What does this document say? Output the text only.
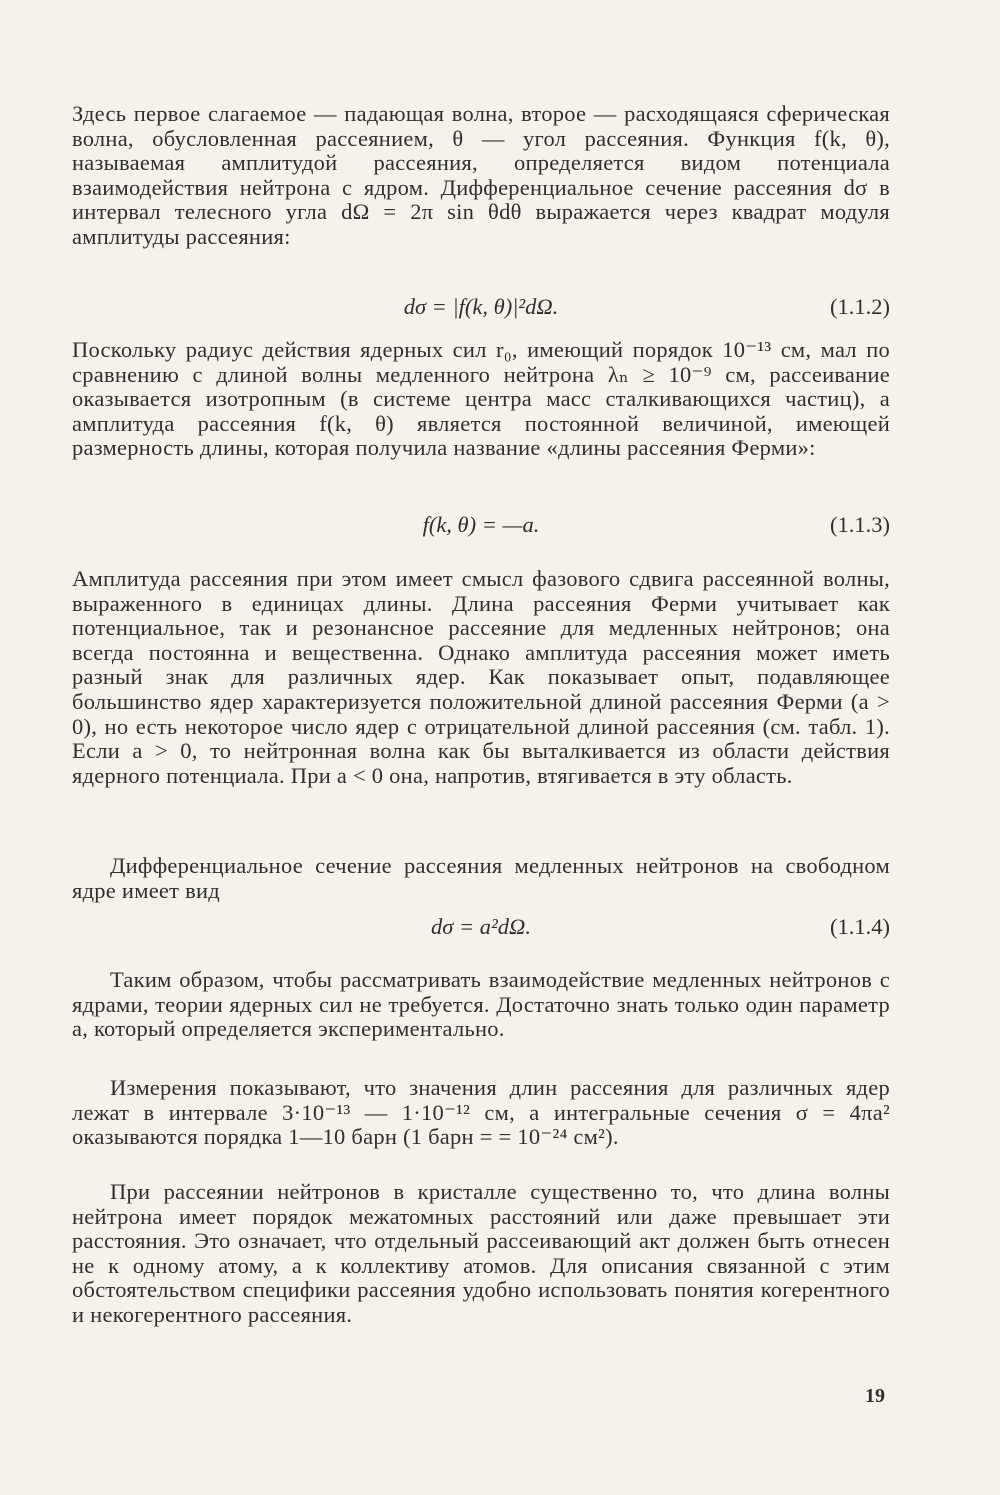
Здесь первое слагаемое — падающая волна, второе — расходящаяся сферическая волна, обусловленная рассеянием, θ — угол рассеяния. Функция f(k, θ), называемая амплитудой рассеяния, определяется видом потенциала взаимодействия нейтрона с ядром. Дифференциальное сечение рассеяния dσ в интервал телесного угла dΩ = 2π sin θdθ выражается через квадрат модуля амплитуды рассеяния:

dσ = |f(k, θ)|²dΩ.	(1.1.2)

Поскольку радиус действия ядерных сил r₀, имеющий порядок 10⁻¹³ см, мал по сравнению с длиной волны медленного нейтрона λₙ ≥ 10⁻⁹ см, рассеивание оказывается изотропным (в системе центра масс сталкивающихся частиц), а амплитуда рассеяния f(k, θ) является постоянной величиной, имеющей размерность длины, которая получила название «длины рассеяния Ферми»:

f(k, θ) = —a.	(1.1.3)

Амплитуда рассеяния при этом имеет смысл фазового сдвига рассеянной волны, выраженного в единицах длины. Длина рассеяния Ферми учитывает как потенциальное, так и резонансное рассеяние для медленных нейтронов; она всегда постоянна и вещественна. Однако амплитуда рассеяния может иметь разный знак для различных ядер. Как показывает опыт, подавляющее большинство ядер характеризуется положительной длиной рассеяния Ферми (a > 0), но есть некоторое число ядер с отрицательной длиной рассеяния (см. табл. 1). Если a > 0, то нейтронная волна как бы выталкивается из области действия ядерного потенциала. При a < 0 она, напротив, втягивается в эту область.

Дифференциальное сечение рассеяния медленных нейтронов на свободном ядре имеет вид

dσ = a²dΩ.	(1.1.4)

Таким образом, чтобы рассматривать взаимодействие медленных нейтронов с ядрами, теории ядерных сил не требуется. Достаточно знать только один параметр a, который определяется экспериментально.

Измерения показывают, что значения длин рассеяния для различных ядер лежат в интервале 3·10⁻¹³ — 1·10⁻¹² см, а интегральные сечения σ = 4πa² оказываются порядка 1—10 барн (1 барн = = 10⁻²⁴ см²).

При рассеянии нейтронов в кристалле существенно то, что длина волны нейтрона имеет порядок межатомных расстояний или даже превышает эти расстояния. Это означает, что отдельный рассеивающий акт должен быть отнесен не к одному атому, а к коллективу атомов. Для описания связанной с этим обстоятельством специфики рассеяния удобно использовать понятия когерентного и некогерентного рассеяния.

19
